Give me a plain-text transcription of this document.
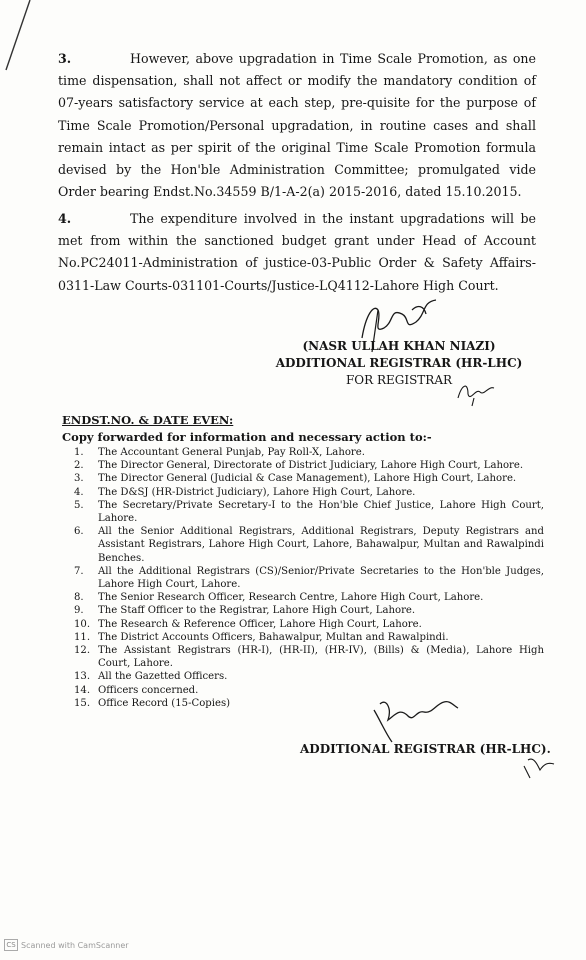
3.	However, above upgradation in Time Scale Promotion, as one time dispensation, shall not affect or modify the mandatory condition of 07-years satisfactory service at each step, pre-quisite for the purpose of Time Scale Promotion/Personal upgradation, in routine cases and shall remain intact as per spirit of the original Time Scale Promotion formula devised by the Hon'ble Administration Committee; promulgated vide Order bearing Endst.No.34559 B/1-A-2(a) 2015-2016, dated 15.10.2015.
4.	The expenditure involved in the instant upgradations will be met from within the sanctioned budget grant under Head of Account No.PC24011-Administration of justice-03-Public Order & Safety Affairs-0311-Law Courts-031101-Courts/Justice-LQ4112-Lahore High Court.
(NASR ULLAH KHAN NIAZI)
ADDITIONAL REGISTRAR (HR-LHC)
FOR REGISTRAR
ENDST.NO. & DATE EVEN:
Copy forwarded for information and necessary action to:-
1.	The Accountant General Punjab, Pay Roll-X, Lahore.
2.	The Director General, Directorate of District Judiciary, Lahore High Court, Lahore.
3.	The Director General (Judicial & Case Management), Lahore High Court, Lahore.
4.	The D&SJ (HR-District Judiciary), Lahore High Court, Lahore.
5.	The Secretary/Private Secretary-I to the Hon'ble Chief Justice, Lahore High Court, Lahore.
6.	All the Senior Additional Registrars, Additional Registrars, Deputy Registrars and Assistant Registrars, Lahore High Court, Lahore, Bahawalpur, Multan and Rawalpindi Benches.
7.	All the Additional Registrars (CS)/Senior/Private Secretaries to the Hon'ble Judges, Lahore High Court, Lahore.
8.	The Senior Research Officer, Research Centre, Lahore High Court, Lahore.
9.	The Staff Officer to the Registrar, Lahore High Court, Lahore.
10. The Research & Reference Officer, Lahore High Court, Lahore.
11. The District Accounts Officers, Bahawalpur, Multan and Rawalpindi.
12. The Assistant Registrars (HR-I), (HR-II), (HR-IV), (Bills) & (Media), Lahore High Court, Lahore.
13. All the Gazetted Officers.
14. Officers concerned.
15. Office Record (15-Copies)
ADDITIONAL REGISTRAR (HR-LHC).
CS Scanned with CamScanner
